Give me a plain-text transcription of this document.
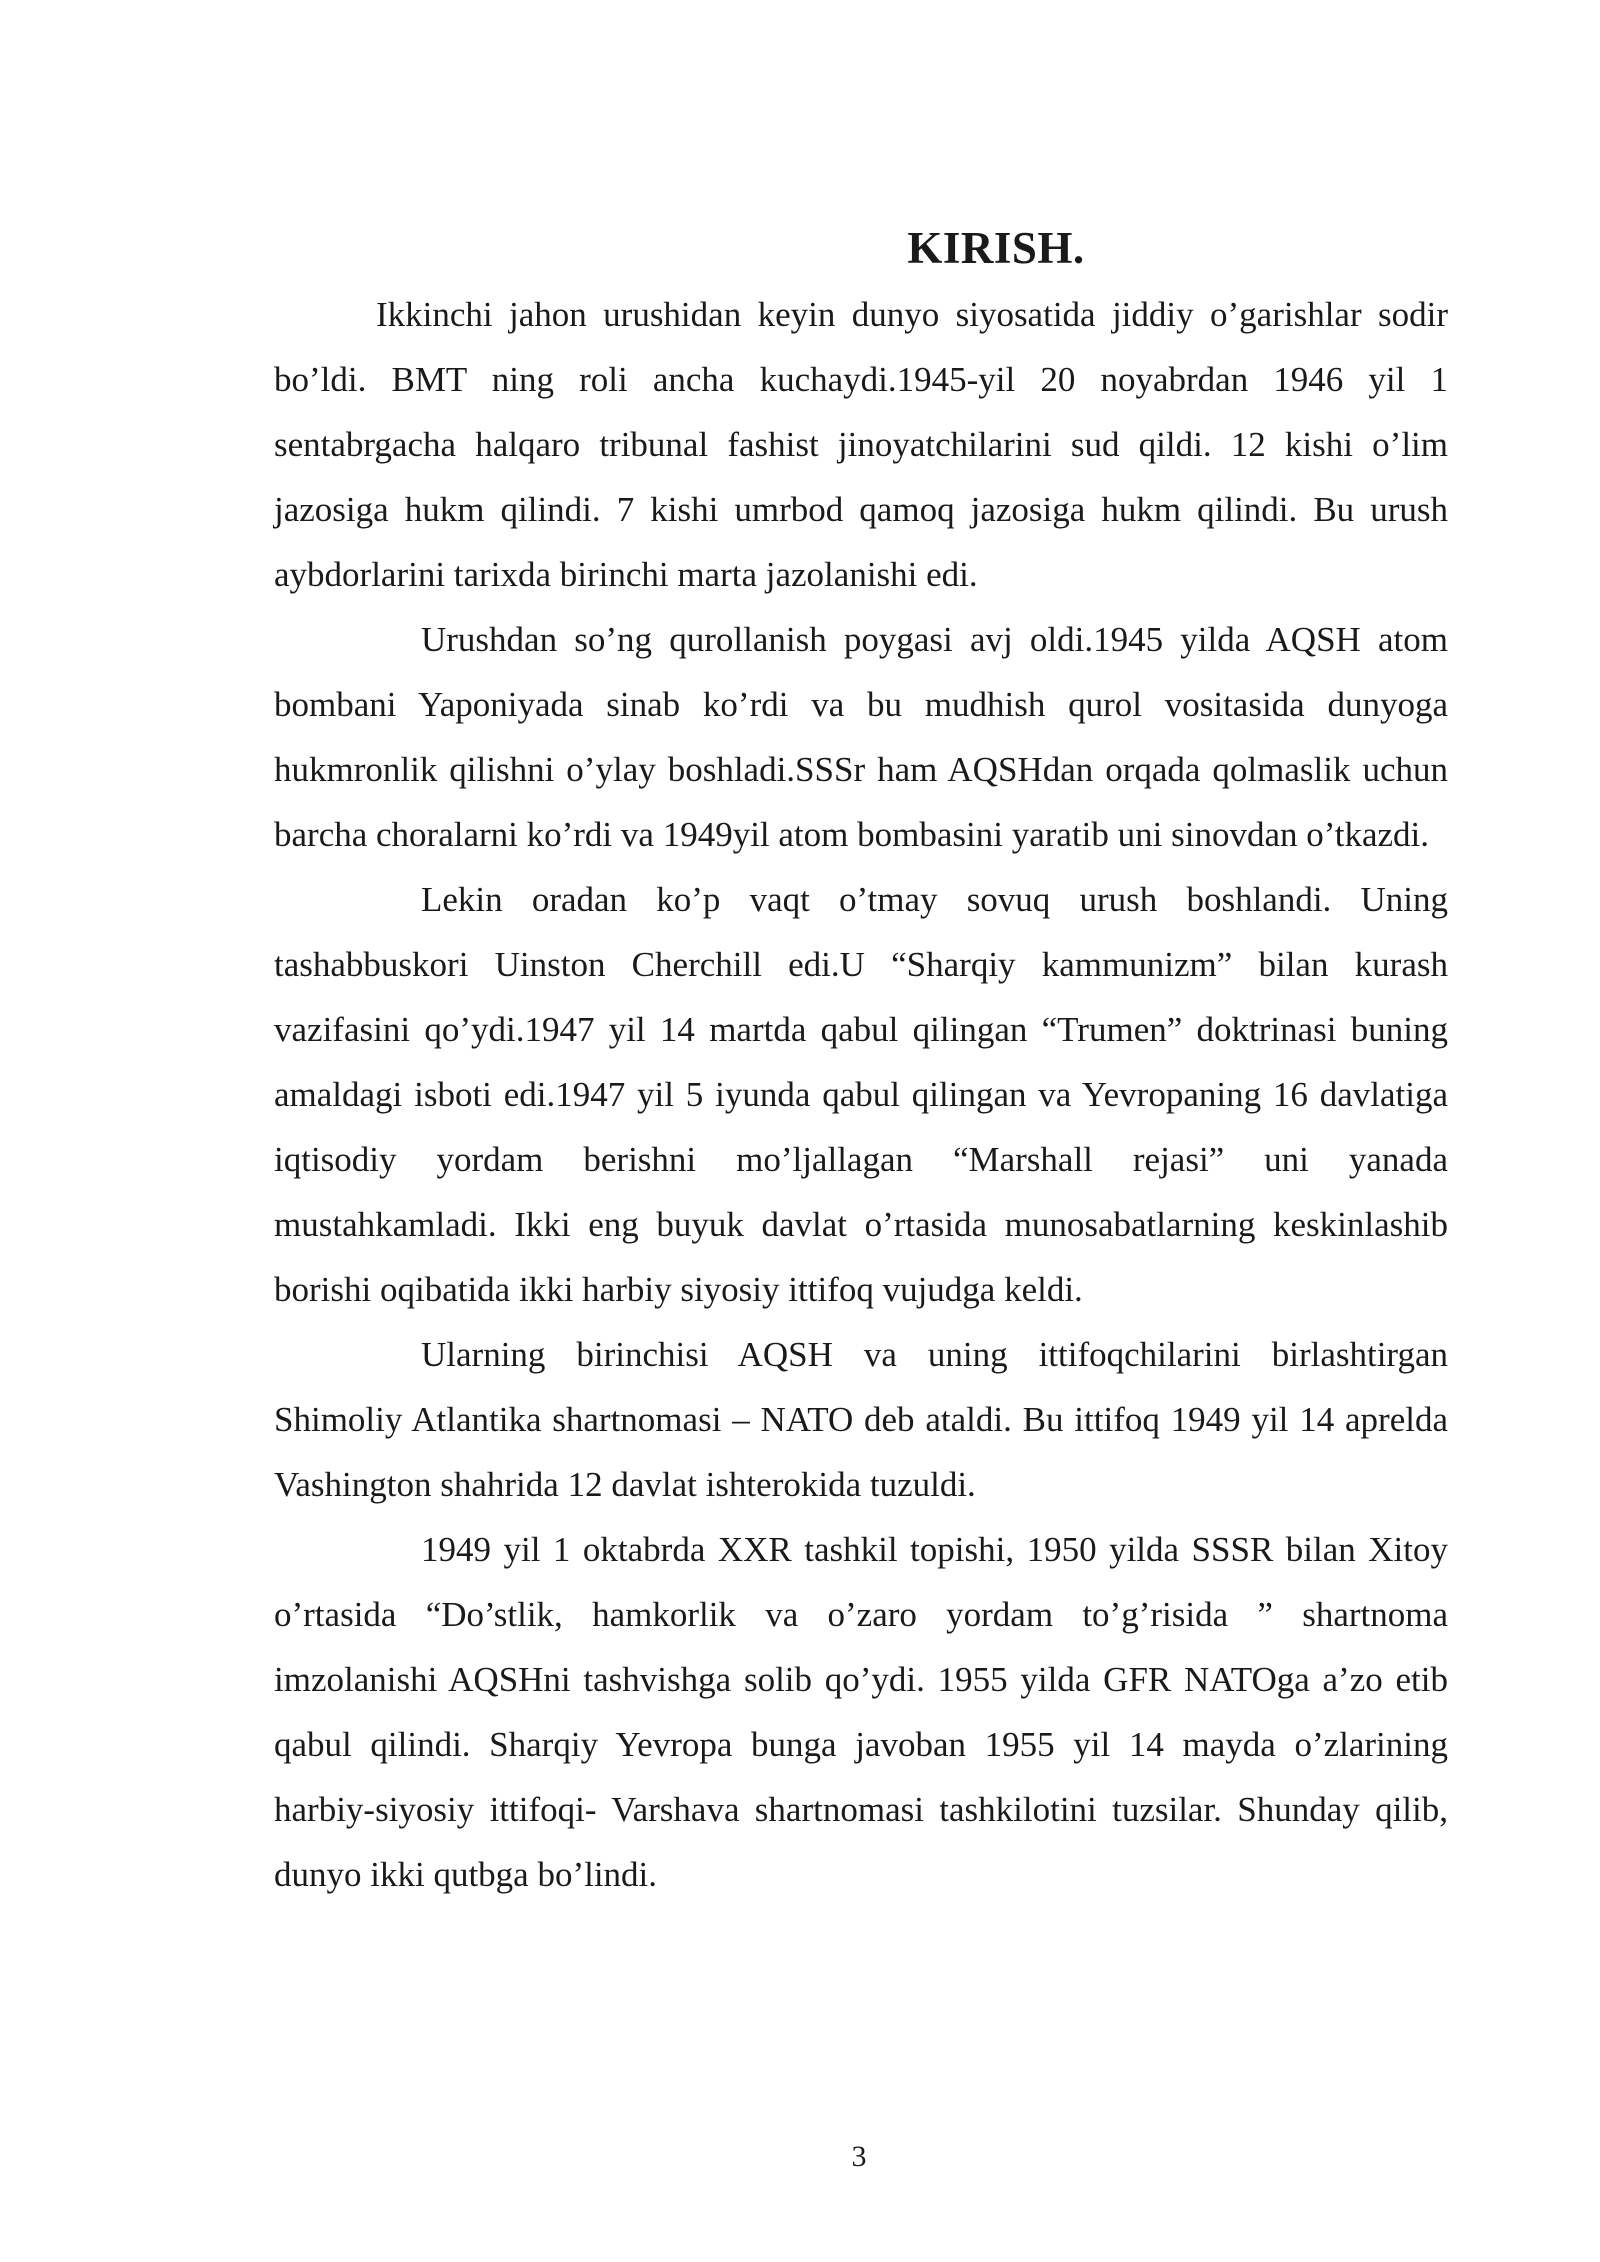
KIRISH.

Ikkinchi jahon urushidan keyin dunyo siyosatida jiddiy o’garishlar sodir bo’ldi. BMT ning roli ancha kuchaydi.1945-yil 20 noyabrdan 1946 yil 1 sentabrgacha halqaro tribunal fashist jinoyatchilarini sud qildi. 12 kishi o’lim jazosiga hukm qilindi. 7 kishi umrbod qamoq jazosiga hukm qilindi. Bu urush aybdorlarini tarixda birinchi marta jazolanishi edi.

Urushdan so’ng qurollanish poygasi avj oldi.1945 yilda AQSH atom bombani Yaponiyada sinab ko’rdi va bu mudhish qurol vositasida dunyoga hukmronlik qilishni o’ylay boshladi.SSSr ham AQSHdan orqada qolmaslik uchun barcha choralarni ko’rdi va 1949yil atom bombasini yaratib uni sinovdan o’tkazdi.

Lekin oradan ko’p vaqt o’tmay sovuq urush boshlandi. Uning tashabbuskori Uinston Cherchill edi.U “Sharqiy kammunizm” bilan kurash vazifasini qo’ydi.1947 yil 14 martda qabul qilingan “Trumen” doktrinasi buning amaldagi isboti edi.1947 yil 5 iyunda qabul qilingan va Yevropaning 16 davlatiga iqtisodiy yordam berishni mo’ljallagan “Marshall rejasi” uni yanada mustahkamladi. Ikki eng buyuk davlat o’rtasida munosabatlarning keskinlashib borishi oqibatida ikki harbiy siyosiy ittifoq vujudga keldi.

Ularning birinchisi AQSH va uning ittifoqchilarini birlashtirgan Shimoliy Atlantika shartnomasi – NATO deb ataldi. Bu ittifoq 1949 yil 14 aprelda Vashington shahrida 12 davlat ishterokida tuzuldi.

1949 yil 1 oktabrda XXR tashkil topishi, 1950 yilda SSSR bilan Xitoy o’rtasida “Do’stlik, hamkorlik va o’zaro yordam to’g’risida ” shartnoma imzolanishi AQSHni tashvishga solib qo’ydi. 1955 yilda GFR NATOga a’zo etib qabul qilindi. Sharqiy Yevropa bunga javoban 1955 yil 14 mayda o’zlarining harbiy-siyosiy ittifoqi- Varshava shartnomasi tashkilotini tuzsilar. Shunday qilib, dunyo ikki qutbga bo’lindi.

3
